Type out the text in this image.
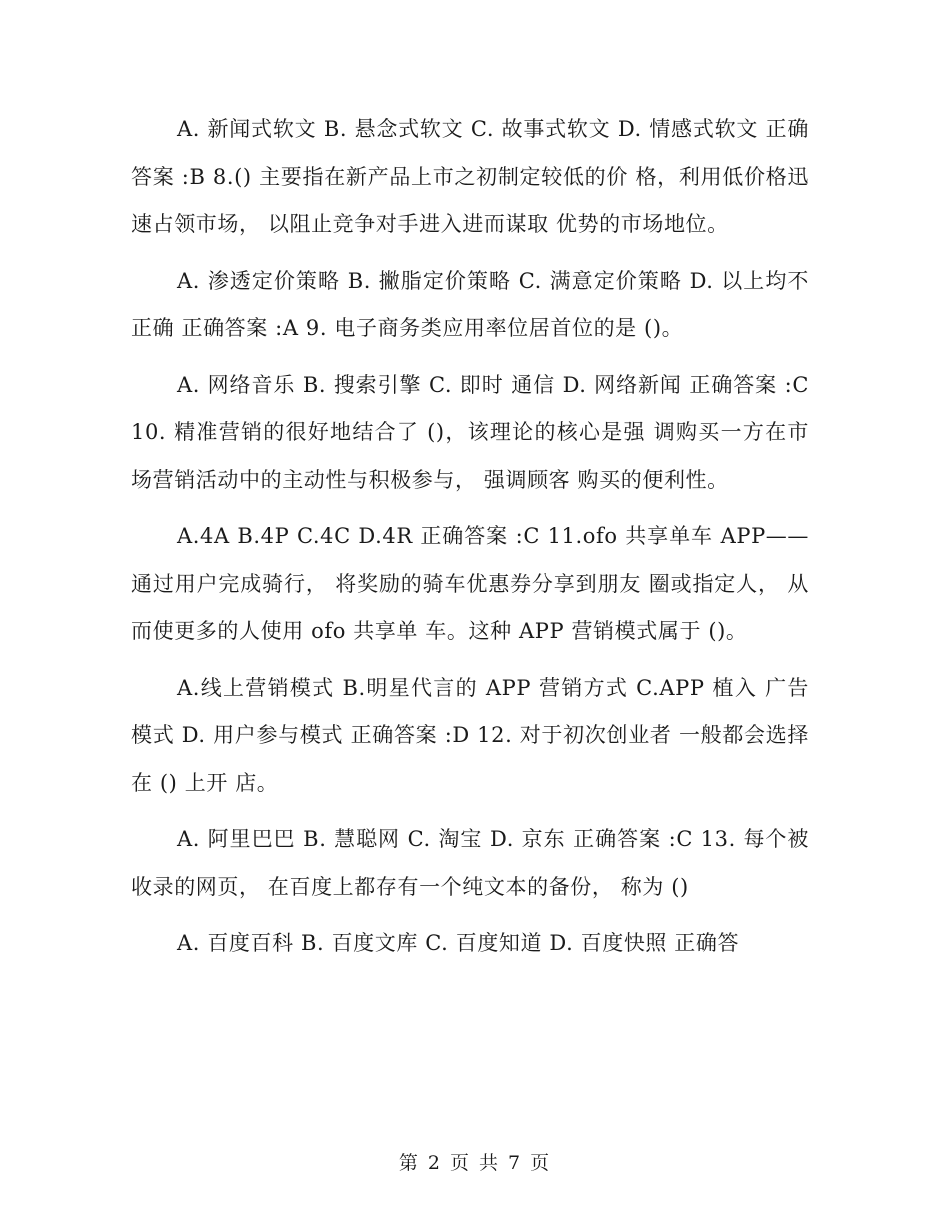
A. 新闻式软文 B. 悬念式软文 C. 故事式软文 D. 情感式软文 正确答案 :B 8.() 主要指在新产品上市之初制定较低的价 格，利用低价格迅速占领市场， 以阻止竞争对手进入进而谋取 优势的市场地位。

A. 渗透定价策略 B. 撇脂定价策略 C. 满意定价策略 D. 以上均不正确 正确答案 :A 9. 电子商务类应用率位居首位的是 ()。

A. 网络音乐 B. 搜索引擎 C. 即时 通信 D. 网络新闻 正确答案 :C 10. 精准营销的很好地结合了 ()，该理论的核心是强 调购买一方在市场营销活动中的主动性与积极参与， 强调顾客 购买的便利性。

A.4A B.4P C.4C D.4R 正确答案 :C 11.ofo 共享单车 APP—— 通过用户完成骑行， 将奖励的骑车优惠券分享到朋友 圈或指定人， 从而使更多的人使用 ofo 共享单 车。这种 APP 营销模式属于 ()。

A.线上营销模式 B.明星代言的 APP 营销方式 C.APP 植入 广告模式 D. 用户参与模式 正确答案 :D 12. 对于初次创业者 一般都会选择在 () 上开 店。

A. 阿里巴巴 B. 慧聪网 C. 淘宝 D. 京东 正确答案 :C 13. 每个被收录的网页， 在百度上都存有一个纯文本的备份， 称为 ()

A. 百度百科 B. 百度文库 C. 百度知道 D. 百度快照 正确答

第 2 页 共 7 页
